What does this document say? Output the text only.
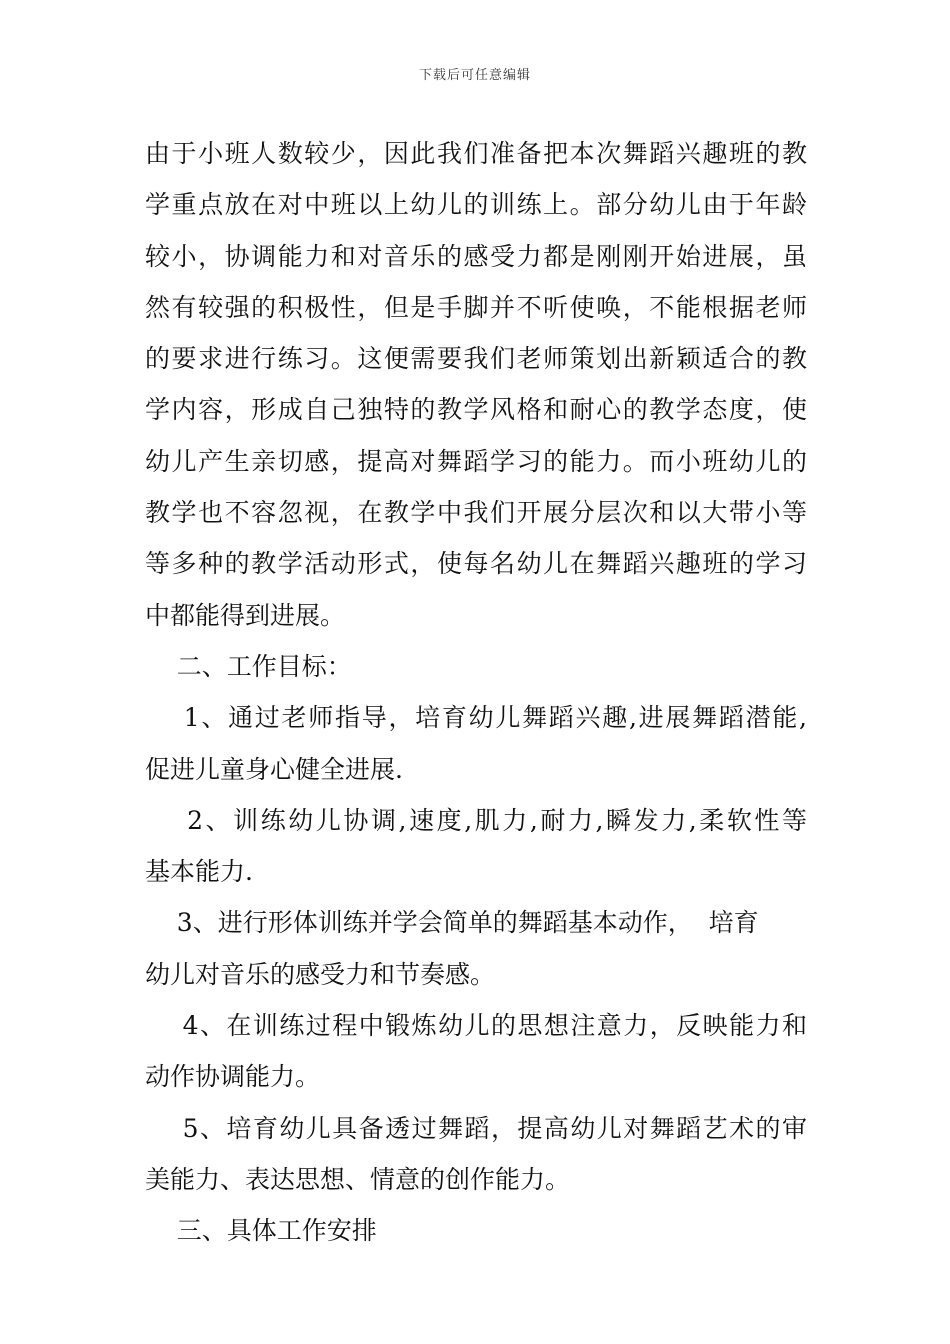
下载后可任意编辑
由于小班人数较少，因此我们准备把本次舞蹈兴趣班的教
学重点放在对中班以上幼儿的训练上。部分幼儿由于年龄
较小，协调能力和对音乐的感受力都是刚刚开始进展，虽
然有较强的积极性，但是手脚并不听使唤，不能根据老师
的要求进行练习。这便需要我们老师策划出新颖适合的教
学内容，形成自己独特的教学风格和耐心的教学态度，使
幼儿产生亲切感，提高对舞蹈学习的能力。而小班幼儿的
教学也不容忽视，在教学中我们开展分层次和以大带小等
等多种的教学活动形式，使每名幼儿在舞蹈兴趣班的学习
中都能得到进展。
二、工作目标：
1、通过老师指导，培育幼儿舞蹈兴趣,进展舞蹈潜能,
促进儿童身心健全进展.
2、训练幼儿协调,速度,肌力,耐力,瞬发力,柔软性等
基本能力.
3、进行形体训练并学会简单的舞蹈基本动作，  培育
幼儿对音乐的感受力和节奏感。
4、在训练过程中锻炼幼儿的思想注意力，反映能力和
动作协调能力。
5、培育幼儿具备透过舞蹈，提高幼儿对舞蹈艺术的审
美能力、表达思想、情意的创作能力。
三、具体工作安排
